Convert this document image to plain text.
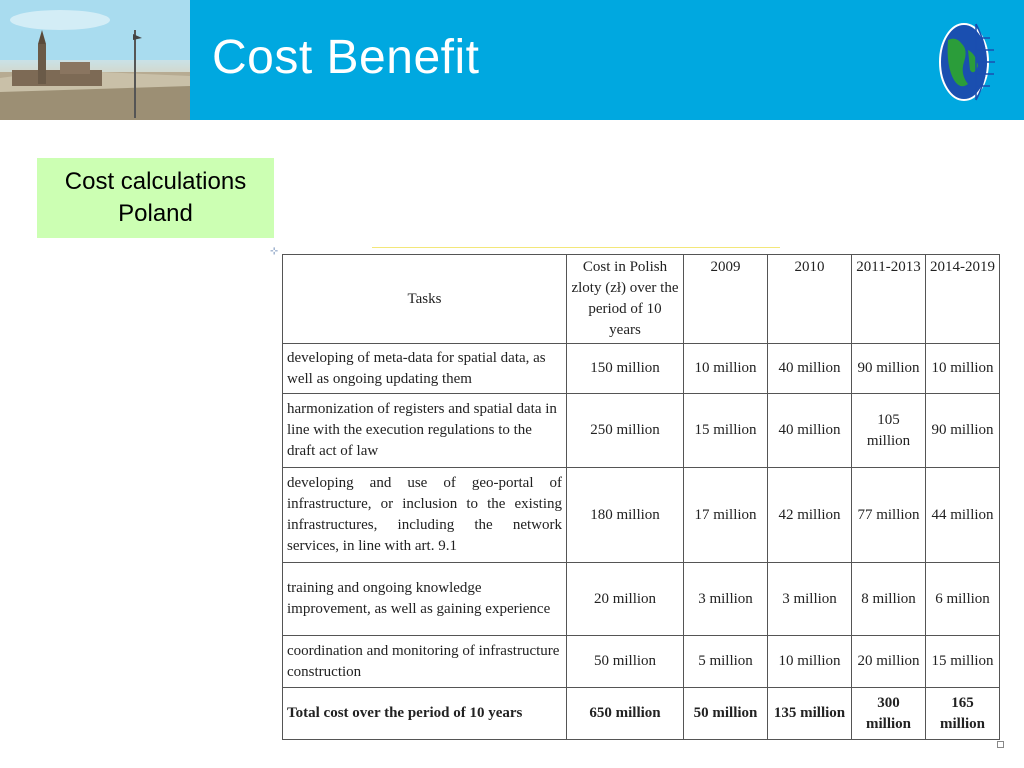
Cost Benefit
Cost calculations
Poland
⊹
Tasks	Cost in Polish zloty (zł) over the period of 10 years	2009	2010	2011-2013	2014-2019
developing of meta-data for spatial data, as well as ongoing updating them	150 million	10 million	40 million	90 million	10 million
harmonization of registers and spatial data in line with the execution regulations to the draft act of law	250 million	15 million	40 million	105 million	90 million
developing and use of geo-portal of infrastructure, or inclusion to the existing infrastructures, including the network services, in line with art. 9.1	180 million	17 million	42 million	77 million	44 million
training and ongoing knowledge improvement, as well as gaining experience	20 million	3 million	3 million	8 million	6 million
coordination and monitoring of infrastructure construction	50 million	5 million	10 million	20 million	15 million
Total cost over the period of 10 years	650 million	50 million	135 million	300 million	165 million
